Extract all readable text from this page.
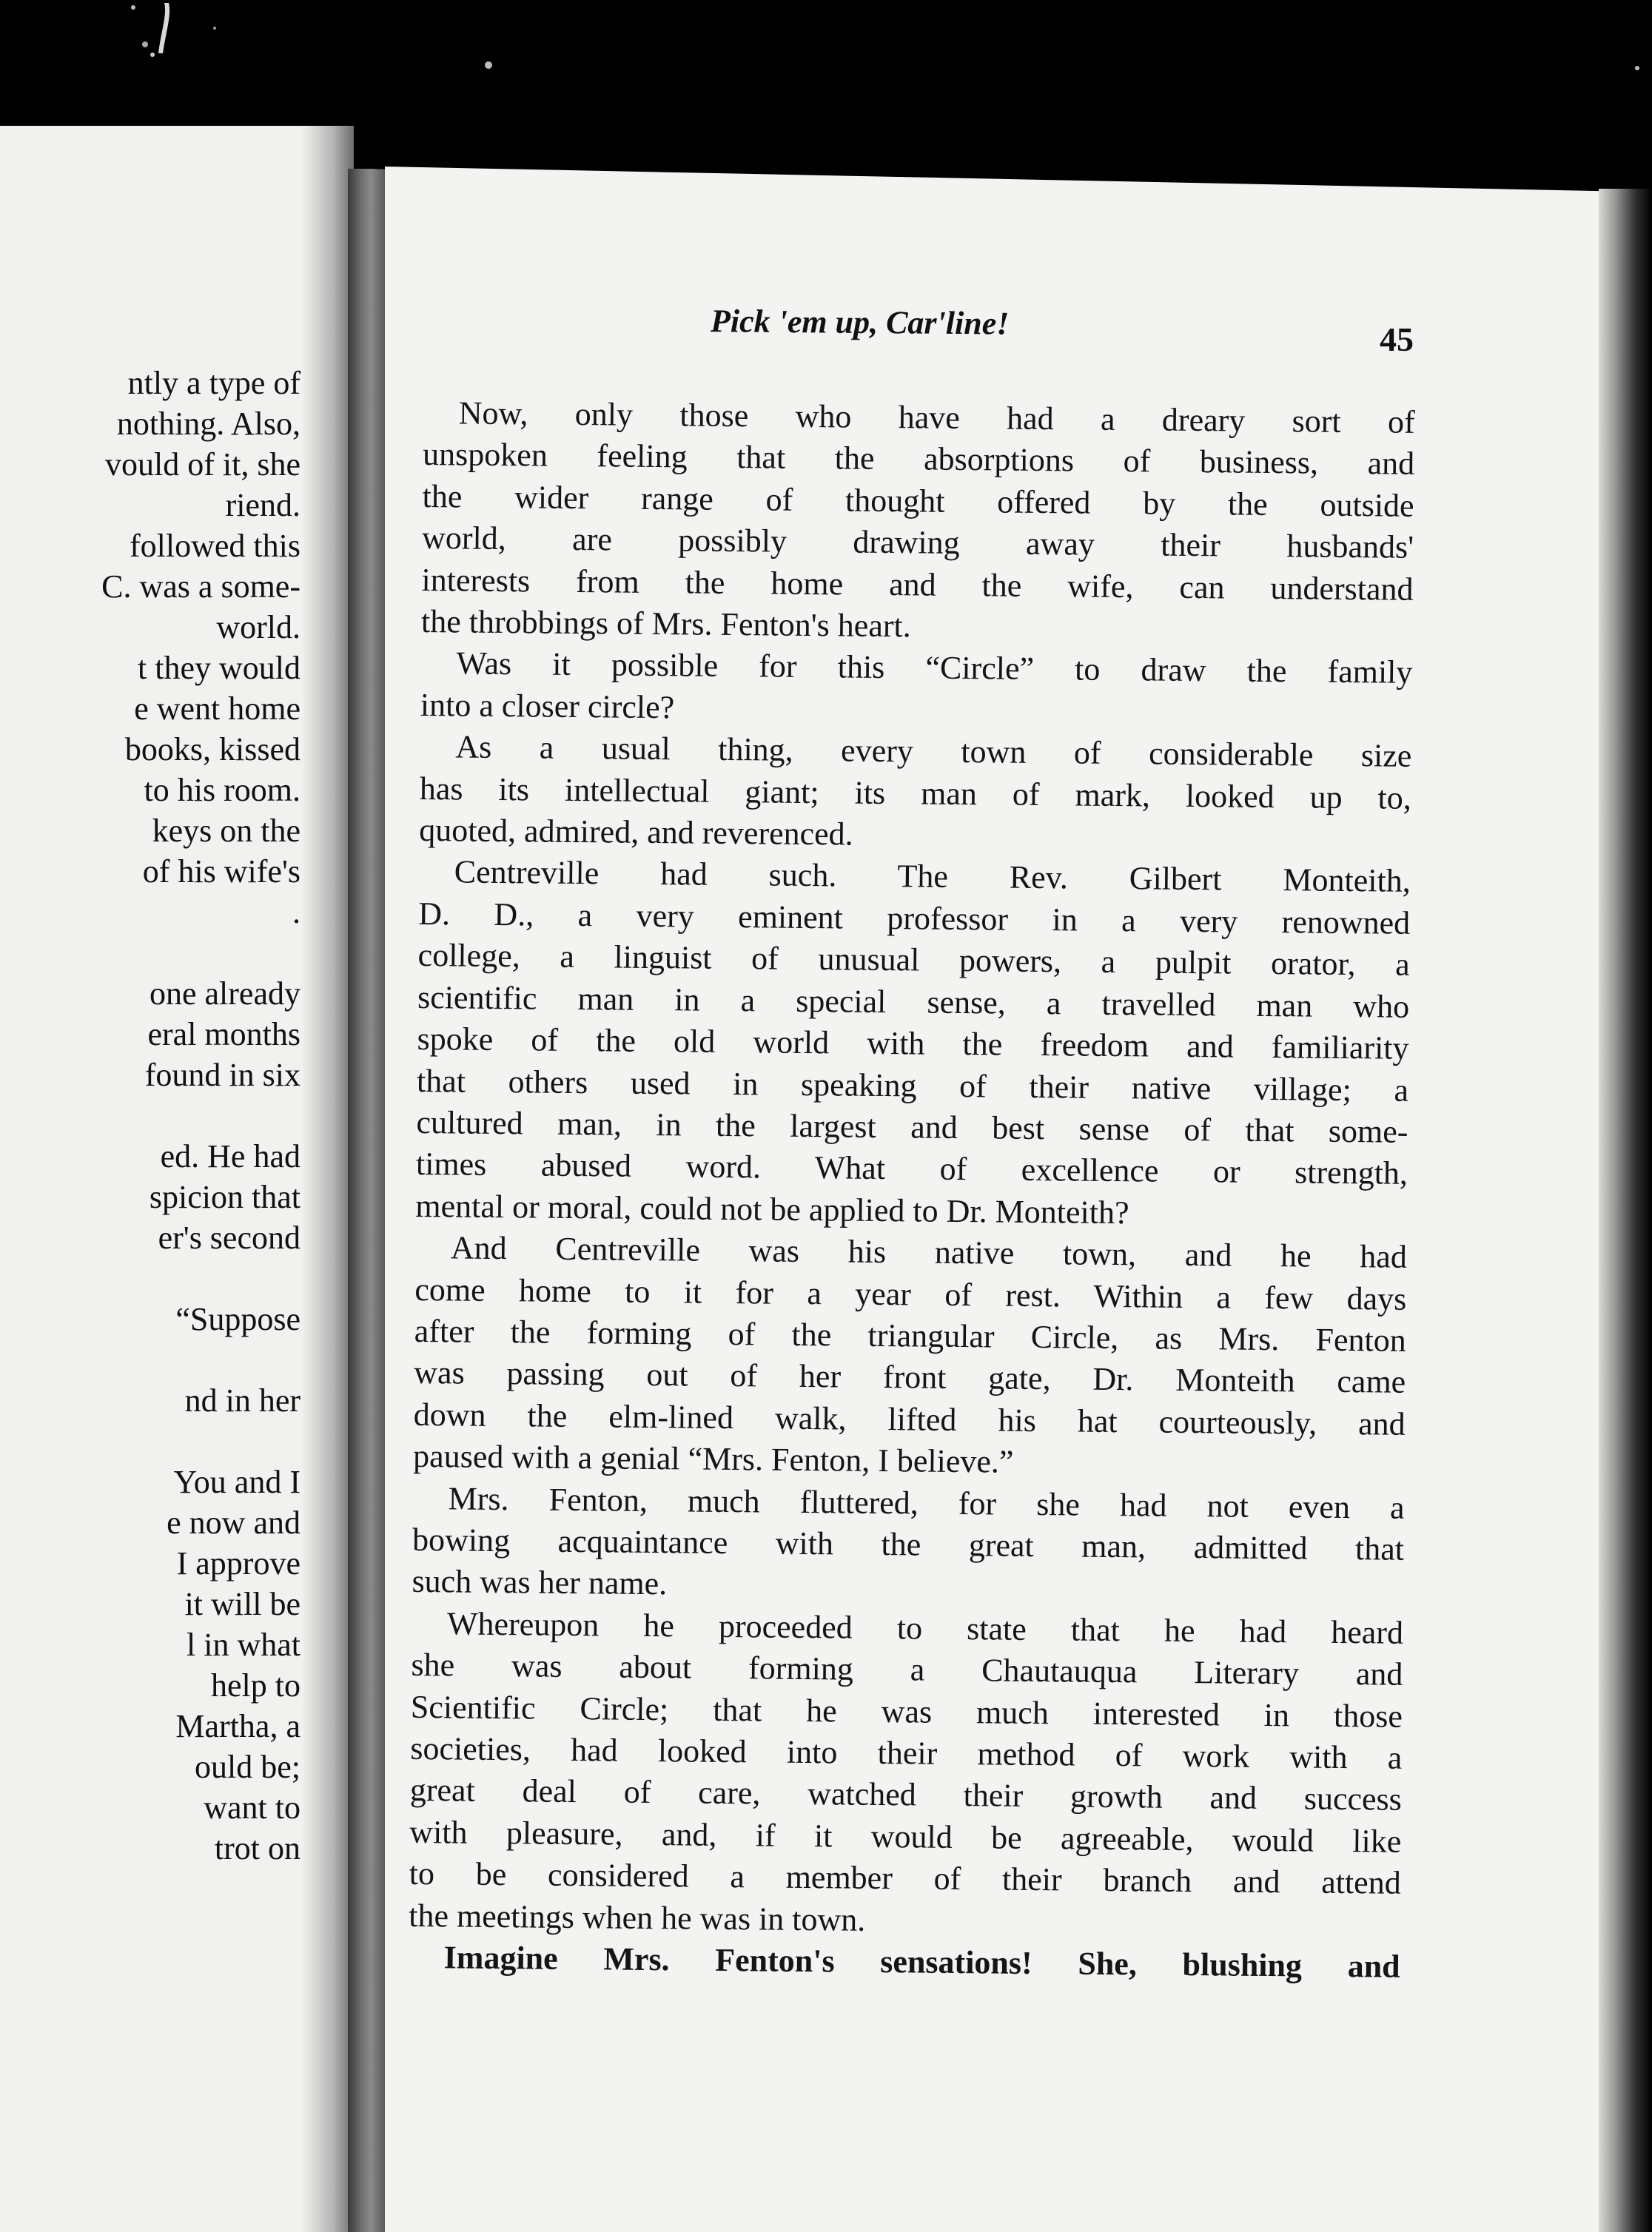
ntly a type of
nothing. Also,
vould of it, she
riend.
followed this
C. was a some-
world.
t they would
e went home
books, kissed
to his room.
keys on the
of his wife's
.
one already
eral months
found in six
ed. He had
spicion that
er's second
“Suppose
nd in her
You and I
e now and
I approve
it will be
l in what
help to
Martha, a
ould be;
want to
trot on
Pick 'em up, Car'line!	45
Now, only those who have had a dreary sort of
unspoken feeling that the absorptions of business, and
the wider range of thought offered by the outside
world, are possibly drawing away their husbands'
interests from the home and the wife, can understand
the throbbings of Mrs. Fenton's heart.
Was it possible for this “Circle” to draw the family
into a closer circle?
As a usual thing, every town of considerable size
has its intellectual giant; its man of mark, looked up to,
quoted, admired, and reverenced.
Centreville had such. The Rev. Gilbert Monteith,
D. D., a very eminent professor in a very renowned
college, a linguist of unusual powers, a pulpit orator, a
scientific man in a special sense, a travelled man who
spoke of the old world with the freedom and familiarity
that others used in speaking of their native village; a
cultured man, in the largest and best sense of that some-
times abused word. What of excellence or strength,
mental or moral, could not be applied to Dr. Monteith?
And Centreville was his native town, and he had
come home to it for a year of rest. Within a few days
after the forming of the triangular Circle, as Mrs. Fenton
was passing out of her front gate, Dr. Monteith came
down the elm-lined walk, lifted his hat courteously, and
paused with a genial “Mrs. Fenton, I believe.”
Mrs. Fenton, much fluttered, for she had not even a
bowing acquaintance with the great man, admitted that
such was her name.
Whereupon he proceeded to state that he had heard
she was about forming a Chautauqua Literary and
Scientific Circle; that he was much interested in those
societies, had looked into their method of work with a
great deal of care, watched their growth and success
with pleasure, and, if it would be agreeable, would like
to be considered a member of their branch and attend
the meetings when he was in town.
Imagine Mrs. Fenton's sensations! She, blushing and
